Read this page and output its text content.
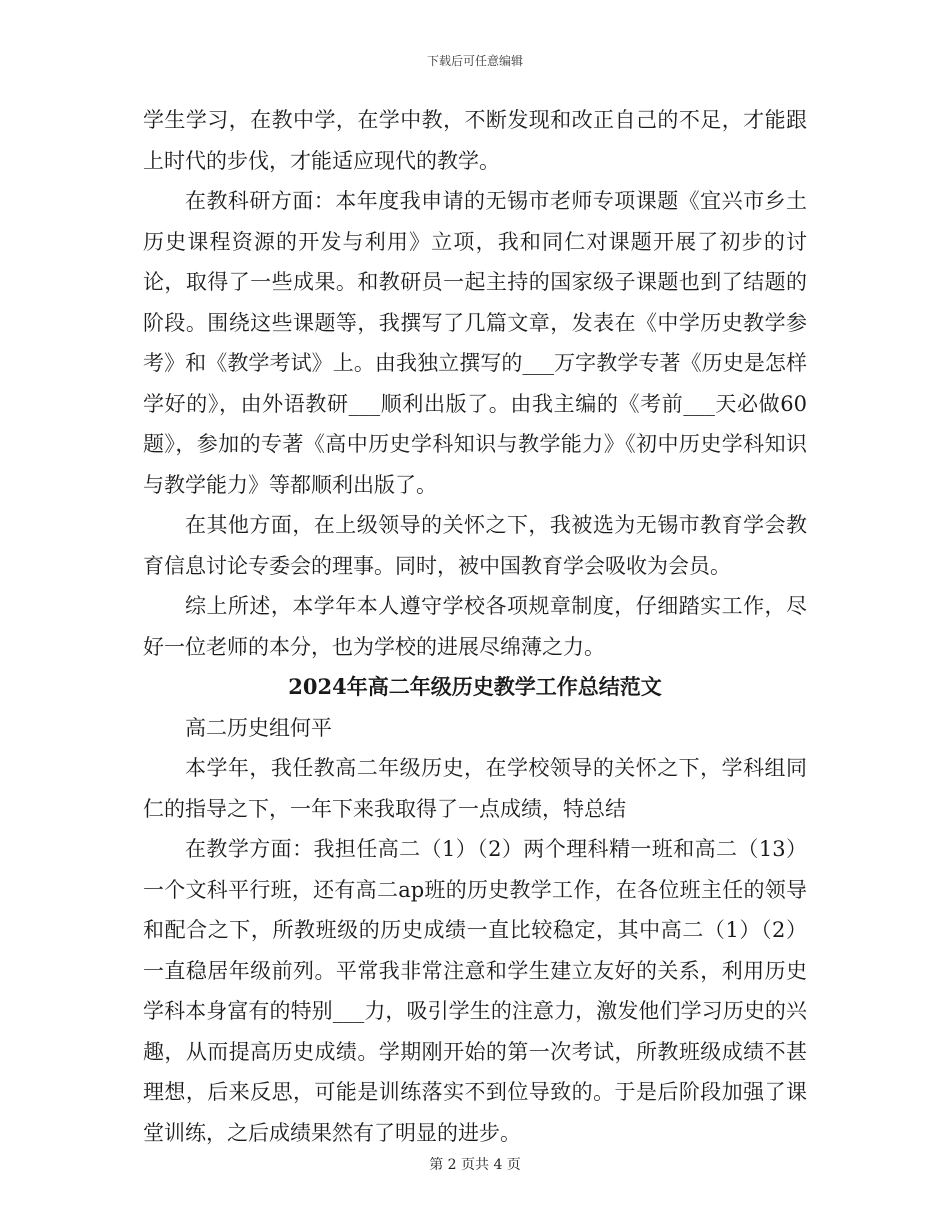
下载后可任意编辑

学生学习，在教中学，在学中教，不断发现和改正自己的不足，才能跟上时代的步伐，才能适应现代的教学。

在教科研方面：本年度我申请的无锡市老师专项课题《宜兴市乡土历史课程资源的开发与利用》立项，我和同仁对课题开展了初步的讨论，取得了一些成果。和教研员一起主持的国家级子课题也到了结题的阶段。围绕这些课题等，我撰写了几篇文章，发表在《中学历史教学参考》和《教学考试》上。由我独立撰写的___万字教学专著《历史是怎样学好的》，由外语教研___顺利出版了。由我主编的《考前___天必做60题》，参加的专著《高中历史学科知识与教学能力》《初中历史学科知识与教学能力》等都顺利出版了。

在其他方面，在上级领导的关怀之下，我被选为无锡市教育学会教育信息讨论专委会的理事。同时，被中国教育学会吸收为会员。

综上所述，本学年本人遵守学校各项规章制度，仔细踏实工作，尽好一位老师的本分，也为学校的进展尽绵薄之力。

2024年高二年级历史教学工作总结范文

高二历史组何平

本学年，我任教高二年级历史，在学校领导的关怀之下，学科组同仁的指导之下，一年下来我取得了一点成绩，特总结

在教学方面：我担任高二（1）（2）两个理科精一班和高二（13）一个文科平行班，还有高二ap班的历史教学工作，在各位班主任的领导和配合之下，所教班级的历史成绩一直比较稳定，其中高二（1）（2）一直稳居年级前列。平常我非常注意和学生建立友好的关系，利用历史学科本身富有的特别___力，吸引学生的注意力，激发他们学习历史的兴趣，从而提高历史成绩。学期刚开始的第一次考试，所教班级成绩不甚理想，后来反思，可能是训练落实不到位导致的。于是后阶段加强了课堂训练，之后成绩果然有了明显的进步。

第 2 页共 4 页
